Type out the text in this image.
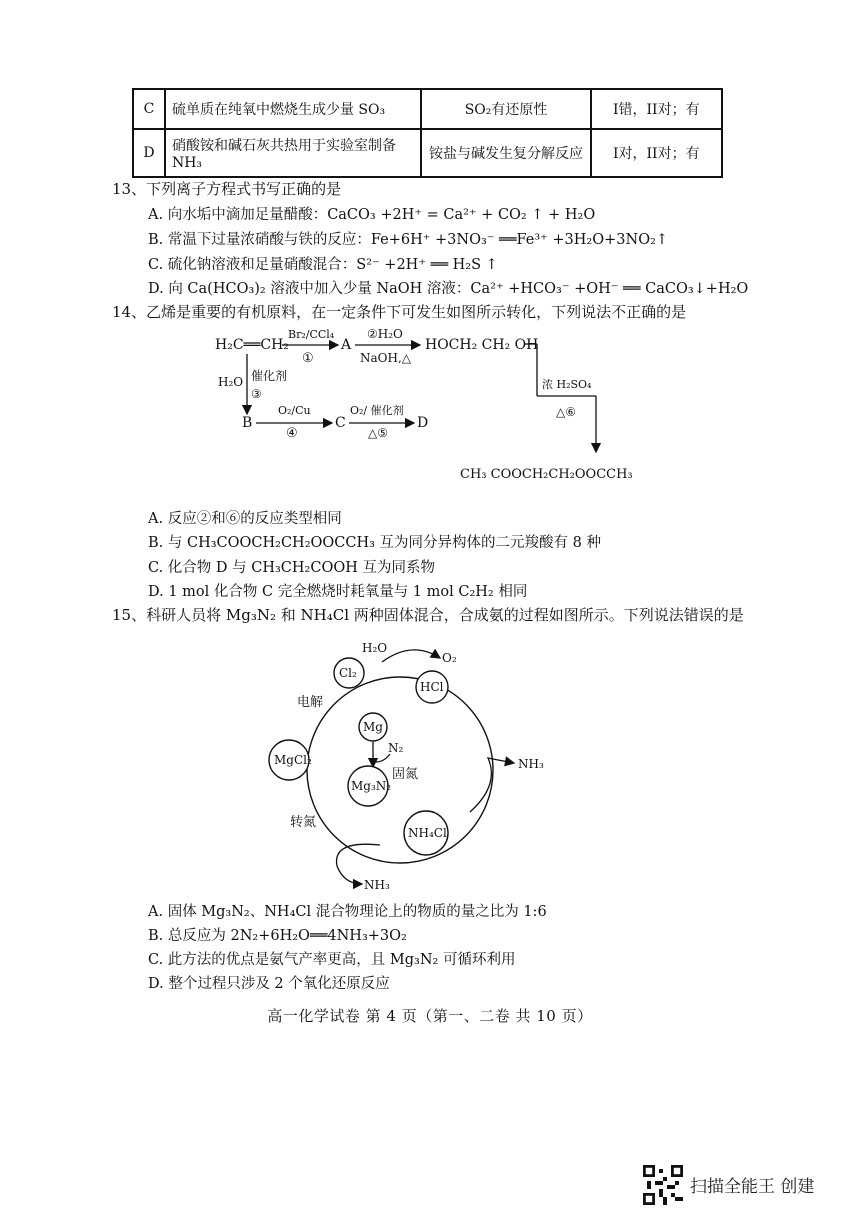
C	硫单质在纯氧中燃烧生成少量 SO₃	SO₂有还原性	I错，II对；有
D	硝酸铵和碱石灰共热用于实验室制备NH₃	铵盐与碱发生复分解反应	I对，II对；有
13、下列离子方程式书写正确的是
A. 向水垢中滴加足量醋酸：CaCO₃ +2H⁺ = Ca²⁺ + CO₂ ↑ + H₂O
B. 常温下过量浓硝酸与铁的反应：Fe+6H⁺ +3NO₃⁻ ══Fe³⁺ +3H₂O+3NO₂↑
C. 硫化钠溶液和足量硝酸混合：S²⁻ +2H⁺ ══ H₂S ↑
D. 向 Ca(HCO₃)₂ 溶液中加入少量 NaOH 溶液：Ca²⁺ +HCO₃⁻ +OH⁻ ══ CaCO₃↓+H₂O
14、乙烯是重要的有机原料，在一定条件下可发生如图所示转化，下列说法不正确的是
H₂C══CH₂
Br₂/CCl₄
①
A
②H₂O
NaOH,△
HOCH₂ CH₂ OH
浓 H₂SO₄
△⑥
H₂O 催化剂
③
B
O₂/Cu
④
C
O₂/ 催化剂
△⑤
D
CH₃ COOCH₂CH₂OOCCH₃
A. 反应②和⑥的反应类型相同
B. 与 CH₃COOCH₂CH₂OOCCH₃ 互为同分异构体的二元羧酸有 8 种
C. 化合物 D 与 CH₃CH₂COOH 互为同系物
D. 1 mol 化合物 C 完全燃烧时耗氧量与 1 mol C₂H₂ 相同
15、科研人员将 Mg₃N₂ 和 NH₄Cl 两种固体混合，合成氨的过程如图所示。下列说法错误的是
H₂O
O₂
Cl₂
HCl
电解
Mg
N₂
固氮
MgCl₂
Mg₃N₂
NH₃
转氮
NH₄Cl
NH₃
A. 固体 Mg₃N₂、NH₄Cl 混合物理论上的物质的量之比为 1:6
B. 总反应为 2N₂+6H₂O══4NH₃+3O₂
C. 此方法的优点是氨气产率更高，且 Mg₃N₂ 可循环利用
D. 整个过程只涉及 2 个氧化还原反应
高一化学试卷 第 4 页（第一、二卷 共 10 页）
扫描全能王 创建
